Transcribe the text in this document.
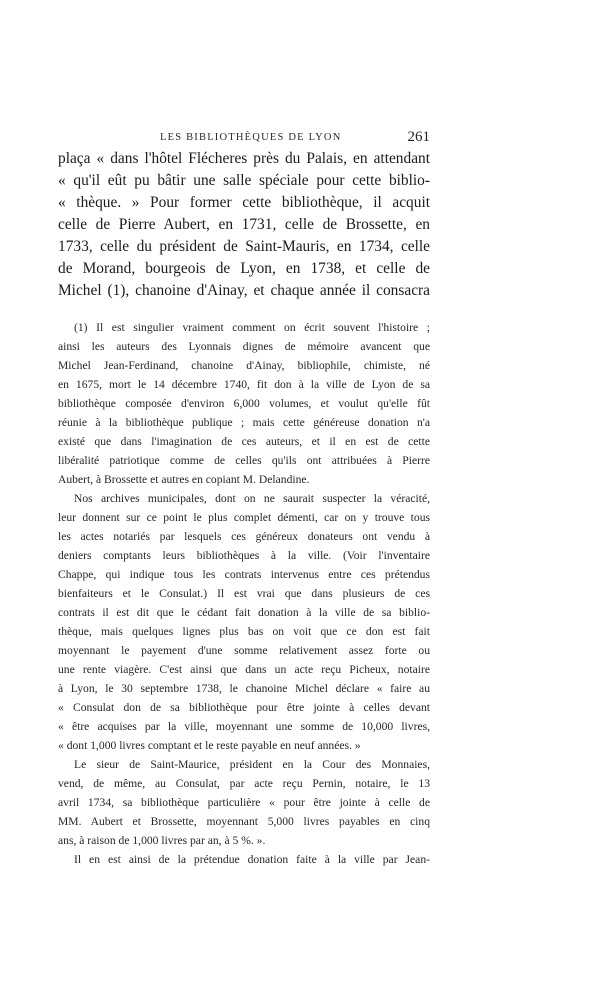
LES BIBLIOTHÈQUES DE LYON	261
plaça « dans l'hôtel Flécheres près du Palais, en attendant
« qu'il eût pu bâtir une salle spéciale pour cette biblio-
« thèque. » Pour former cette bibliothèque, il acquit
celle de Pierre Aubert, en 1731, celle de Brossette, en
1733, celle du président de Saint-Mauris, en 1734, celle
de Morand, bourgeois de Lyon, en 1738, et celle de
Michel (1), chanoine d'Ainay, et chaque année il consacra
(1) Il est singulier vraiment comment on écrit souvent l'histoire ;
ainsi les auteurs des Lyonnais dignes de mémoire avancent que
Michel Jean-Ferdinand, chanoine d'Ainay, bibliophile, chimiste, né
en 1675, mort le 14 décembre 1740, fit don à la ville de Lyon de sa
bibliothèque composée d'environ 6,000 volumes, et voulut qu'elle fût
réunie à la bibliothèque publique ; mais cette généreuse donation n'a
existé que dans l'imagination de ces auteurs, et il en est de cette
libéralité patriotique comme de celles qu'ils ont attribuées à Pierre
Aubert, à Brossette et autres en copiant M. Delandine.
Nos archives municipales, dont on ne saurait suspecter la véracité,
leur donnent sur ce point le plus complet démenti, car on y trouve tous
les actes notariés par lesquels ces généreux donateurs ont vendu à
deniers comptants leurs bibliothèques à la ville. (Voir l'inventaire
Chappe, qui indique tous les contrats intervenus entre ces prétendus
bienfaiteurs et le Consulat.) Il est vrai que dans plusieurs de ces
contrats il est dit que le cédant fait donation à la ville de sa biblio-
thèque, mais quelques lignes plus bas on voit que ce don est fait
moyennant le payement d'une somme relativement assez forte ou
une rente viagère. C'est ainsi que dans un acte reçu Picheux, notaire
à Lyon, le 30 septembre 1738, le chanoine Michel déclare « faire au
« Consulat don de sa bibliothèque pour être jointe à celles devant
« être acquises par la ville, moyennant une somme de 10,000 livres,
« dont 1,000 livres comptant et le reste payable en neuf années. »
Le sieur de Saint-Maurice, président en la Cour des Monnaies,
vend, de même, au Consulat, par acte reçu Pernin, notaire, le 13
avril 1734, sa bibliothèque particulière « pour être jointe à celle de
MM. Aubert et Brossette, moyennant 5,000 livres payables en cinq
ans, à raison de 1,000 livres par an, à 5 %. ».
Il en est ainsi de la prétendue donation faite à la ville par Jean-
